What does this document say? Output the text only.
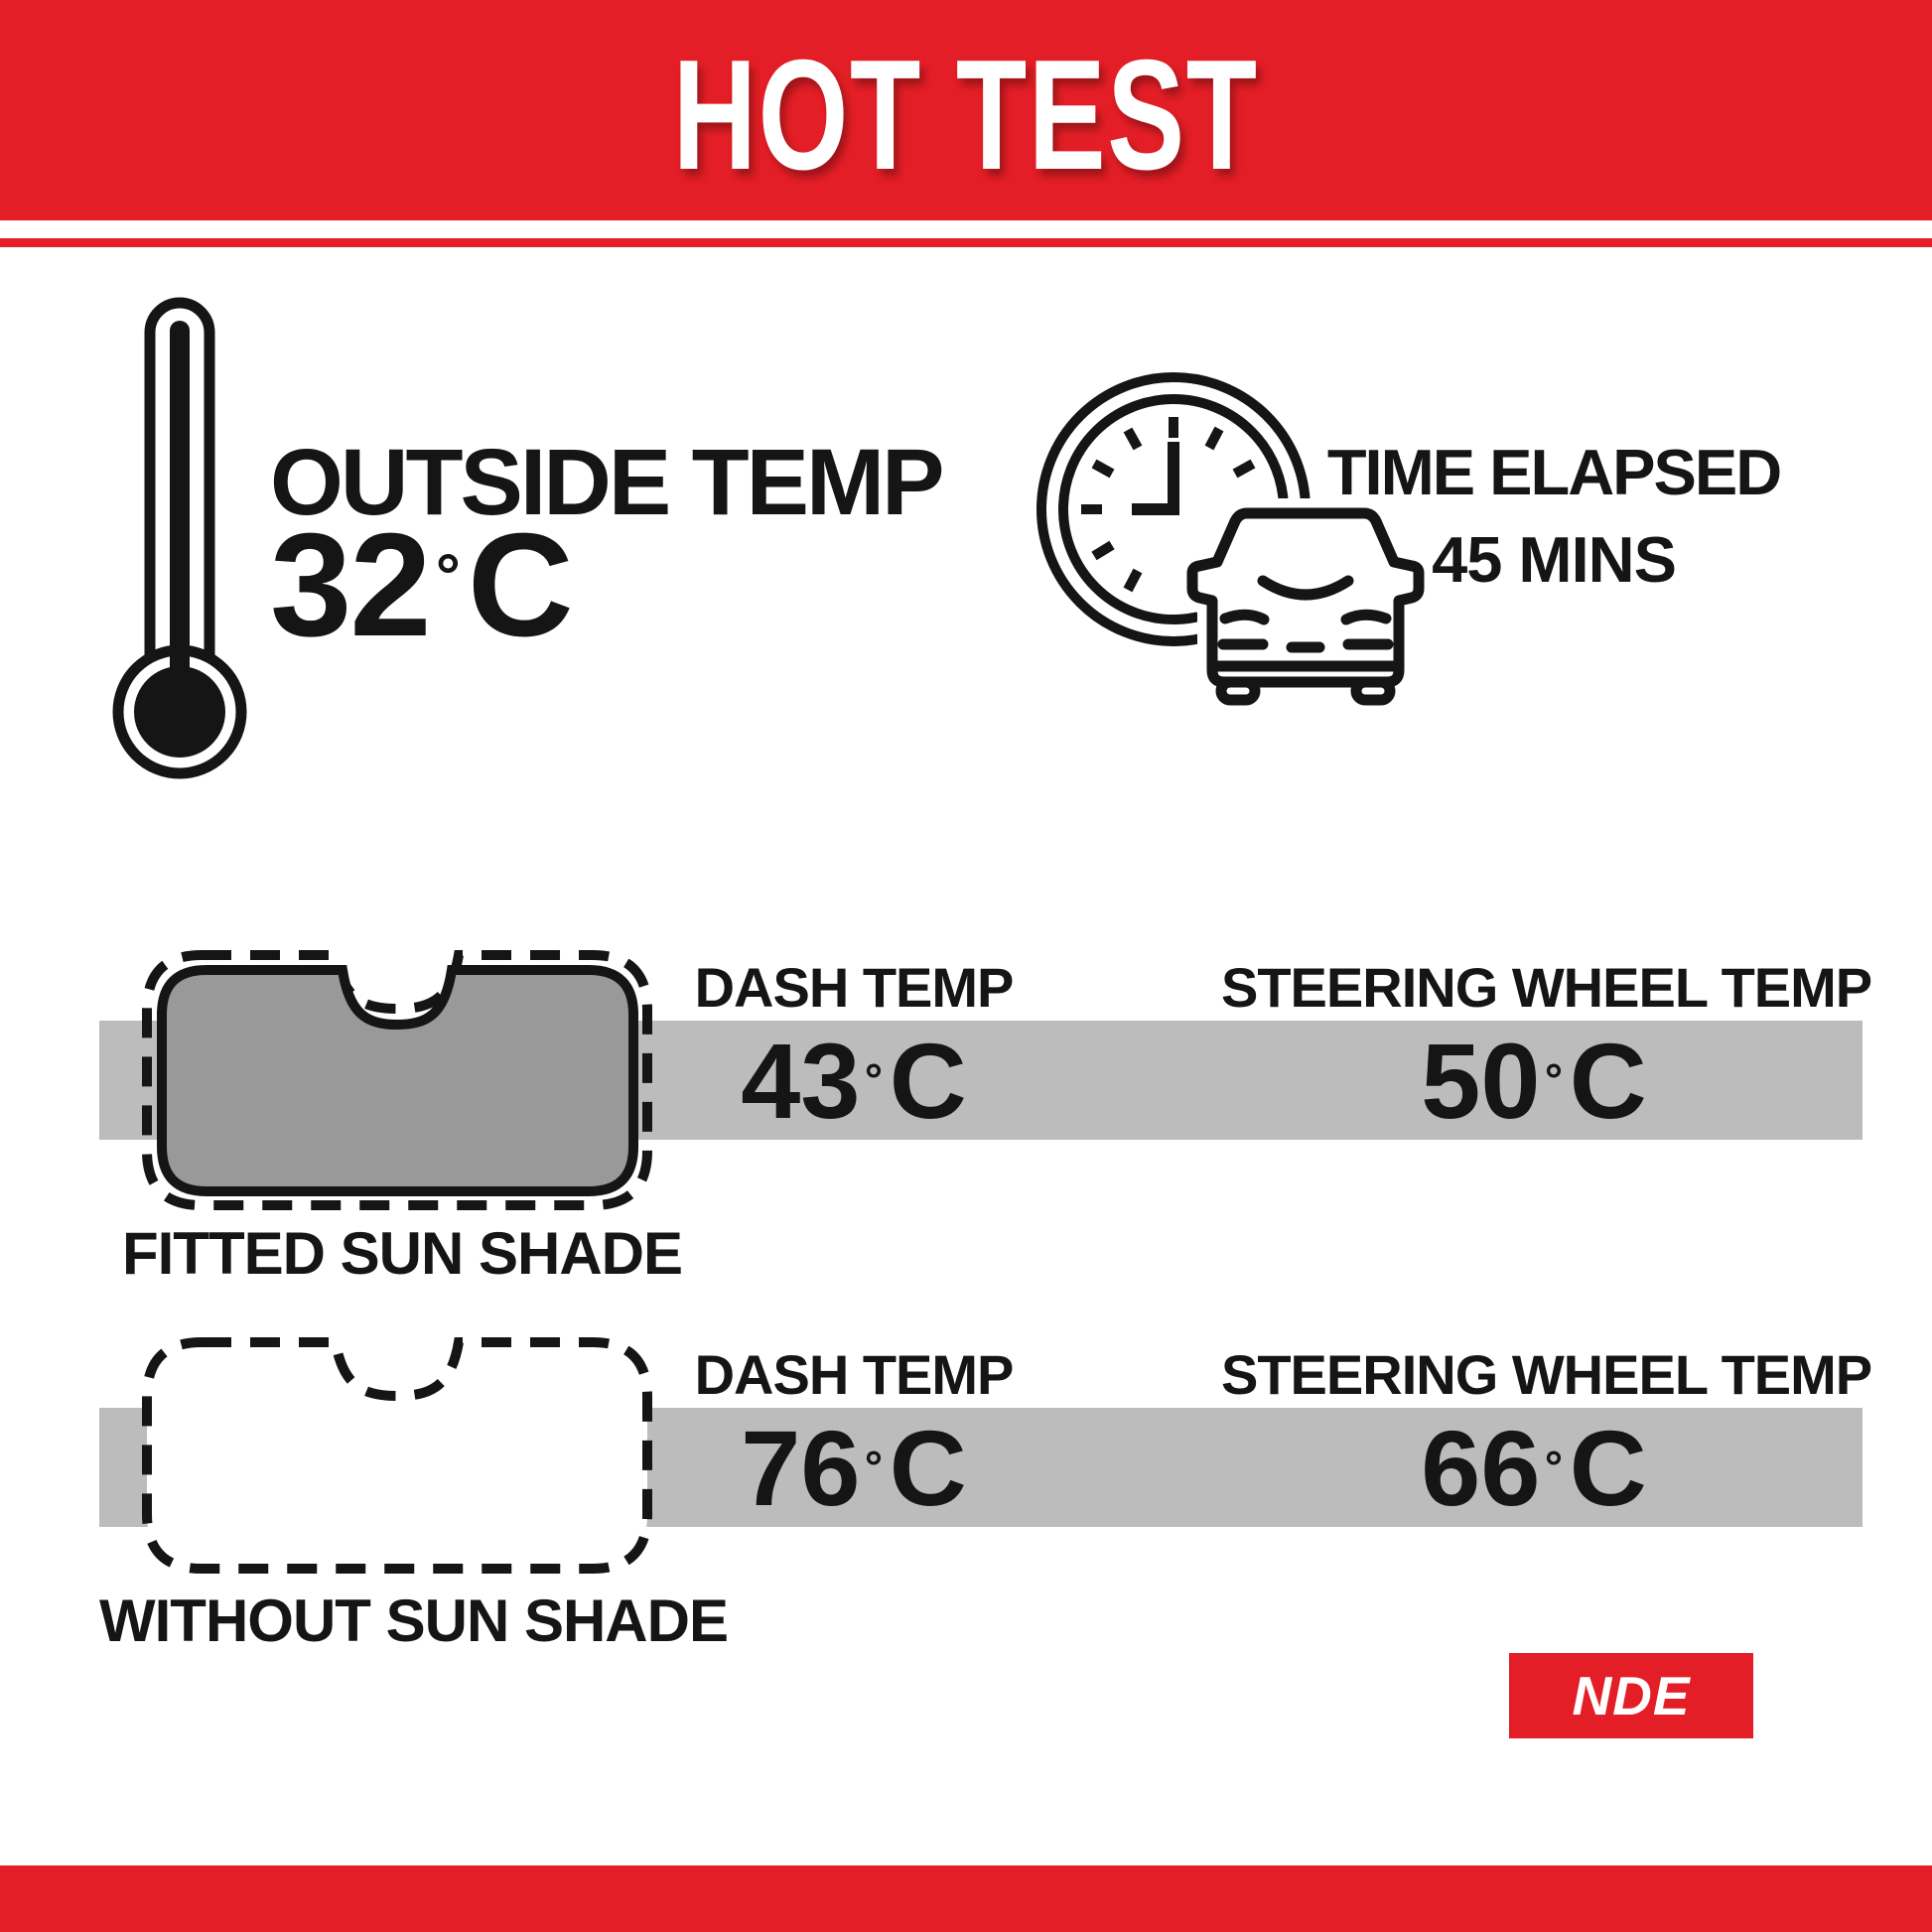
HOT TEST
OUTSIDE TEMP
32°C
TIME ELAPSED
45 MINS
DASH TEMP	STEERING WHEEL TEMP
43 ° C	50 ° C
FITTED SUN SHADE
DASH TEMP	STEERING WHEEL TEMP
76 ° C	66 ° C
WITHOUT SUN SHADE
NDE
